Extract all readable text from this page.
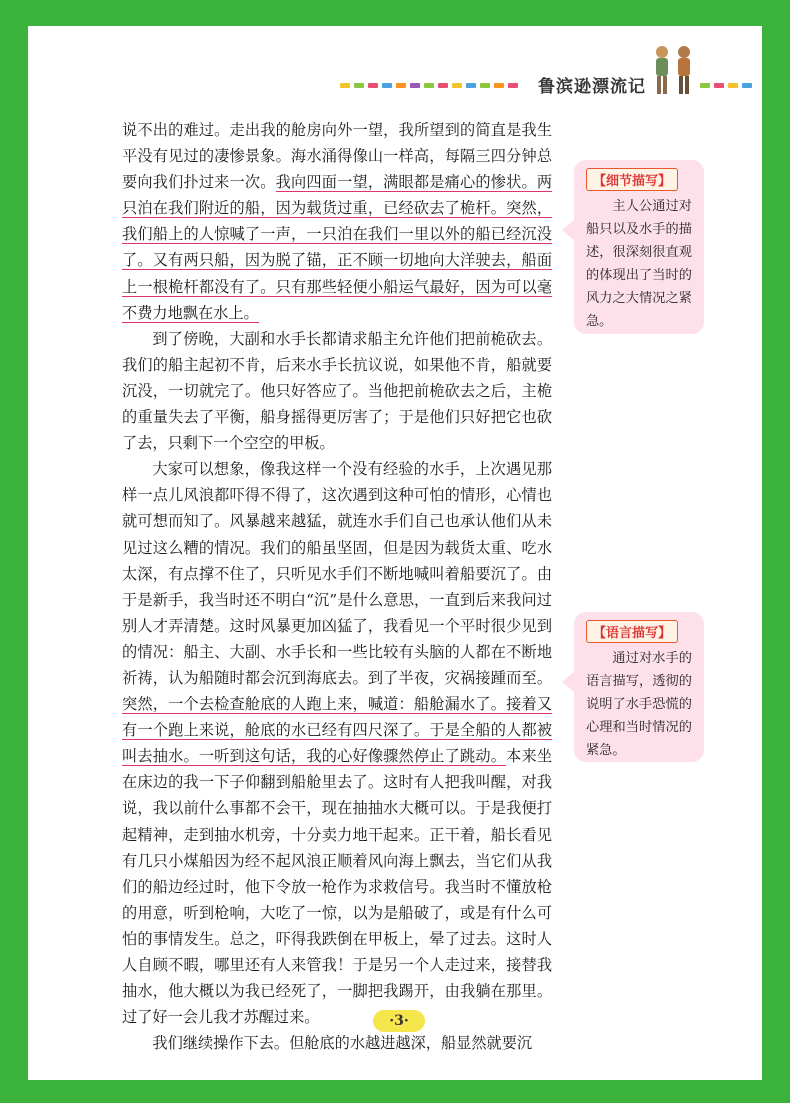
鲁滨逊漂流记

说不出的难过。走出我的舱房向外一望，我所望到的简直是我生平没有见过的凄惨景象。海水涌得像山一样高，每隔三四分钟总要向我们扑过来一次。我向四面一望，满眼都是痛心的惨状。两只泊在我们附近的船，因为载货过重，已经砍去了桅杆。突然，我们船上的人惊喊了一声，一只泊在我们一里以外的船已经沉没了。又有两只船，因为脱了锚，正不顾一切地向大洋驶去，船面上一根桅杆都没有了。只有那些轻便小船运气最好，因为可以毫不费力地飘在水上。

到了傍晚，大副和水手长都请求船主允许他们把前桅砍去。我们的船主起初不肯，后来水手长抗议说，如果他不肯，船就要沉没，一切就完了。他只好答应了。当他把前桅砍去之后，主桅的重量失去了平衡，船身摇得更厉害了；于是他们只好把它也砍了去，只剩下一个空空的甲板。

大家可以想象，像我这样一个没有经验的水手，上次遇见那样一点儿风浪都吓得不得了，这次遇到这种可怕的情形，心情也就可想而知了。风暴越来越猛，就连水手们自己也承认他们从未见过这么糟的情况。我们的船虽坚固，但是因为载货太重、吃水太深，有点撑不住了，只听见水手们不断地喊叫着船要沉了。由于是新手，我当时还不明白“沉”是什么意思，一直到后来我问过别人才弄清楚。这时风暴更加凶猛了，我看见一个平时很少见到的情况：船主、大副、水手长和一些比较有头脑的人都在不断地祈祷，认为船随时都会沉到海底去。到了半夜，灾祸接踵而至。突然，一个去检查舱底的人跑上来，喊道：船舱漏水了。接着又有一个跑上来说，舱底的水已经有四尺深了。于是全船的人都被叫去抽水。一听到这句话，我的心好像骤然停止了跳动。本来坐在床边的我一下子仰翻到船舱里去了。这时有人把我叫醒，对我说，我以前什么事都不会干，现在抽抽水大概可以。于是我便打起精神，走到抽水机旁，十分卖力地干起来。正干着，船长看见有几只小煤船因为经不起风浪正顺着风向海上飘去，当它们从我们的船边经过时，他下令放一枪作为求救信号。我当时不懂放枪的用意，听到枪响，大吃了一惊，以为是船破了，或是有什么可怕的事情发生。总之，吓得我跌倒在甲板上，晕了过去。这时人人自顾不暇，哪里还有人来管我！于是另一个人走过来，接替我抽水，他大概以为我已经死了，一脚把我踢开，由我躺在那里。过了好一会儿我才苏醒过来。

我们继续操作下去。但舱底的水越进越深，船显然就要沉

【细节描写】
主人公通过对船只以及水手的描述，很深刻很直观的体现出了当时的风力之大情况之紧急。
【语言描写】
通过对水手的语言描写，透彻的说明了水手恐慌的心理和当时情况的紧急。
·3·
